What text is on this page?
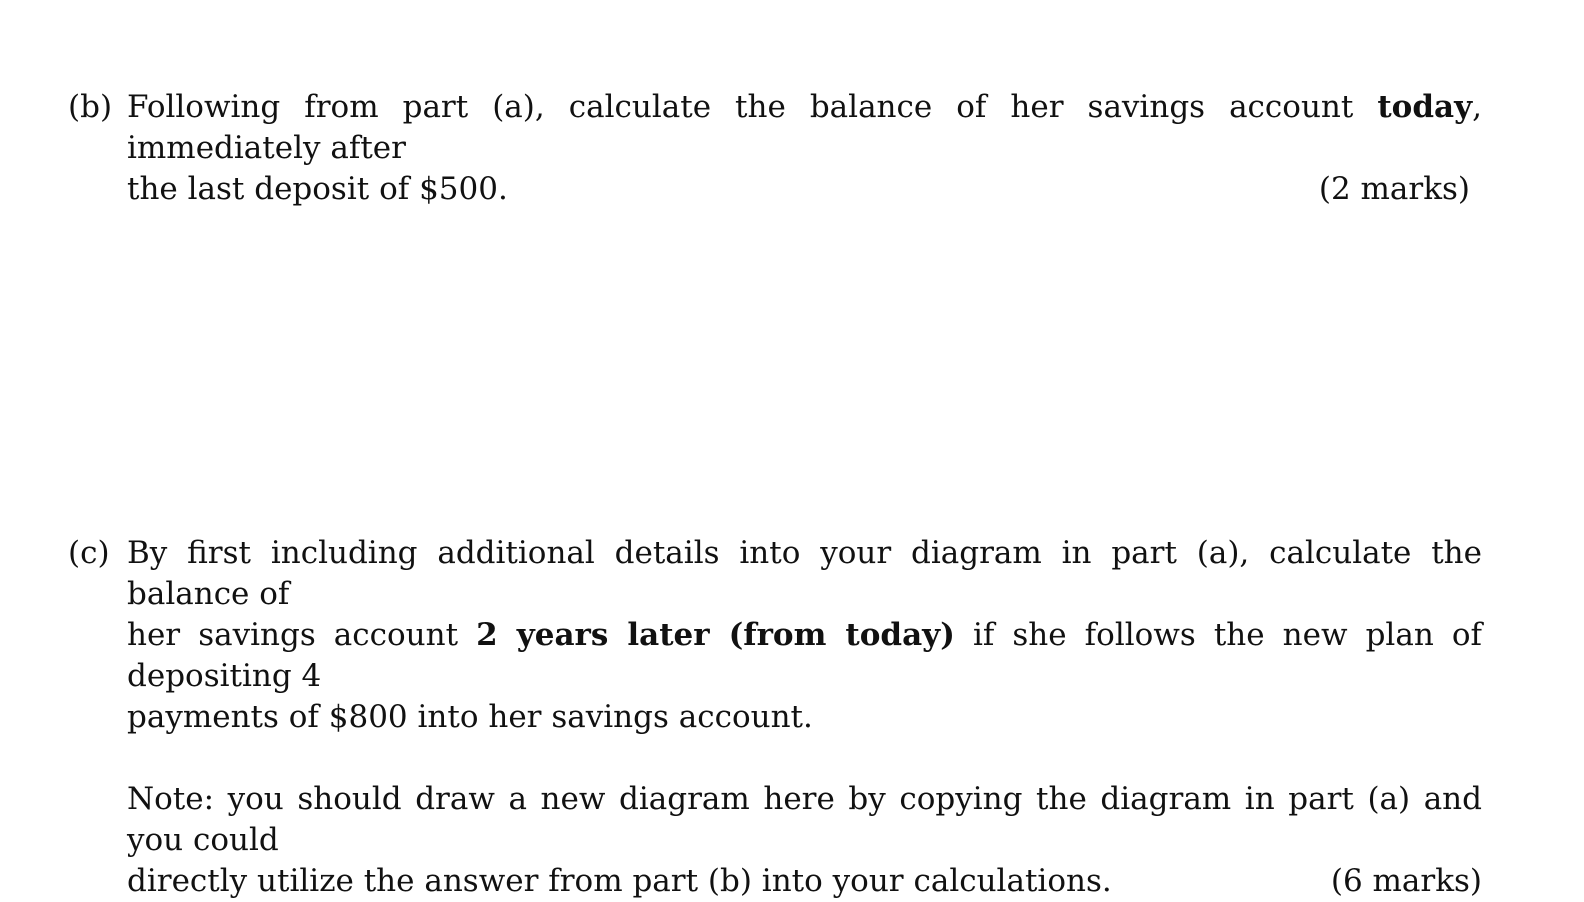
(b) Following from part (a), calculate the balance of her savings account today, immediately after
the last deposit of $500.	(2 marks)
(c) By first including additional details into your diagram in part (a), calculate the balance of
her savings account 2 years later (from today) if she follows the new plan of depositing 4
payments of $800 into her savings account.
Note: you should draw a new diagram here by copying the diagram in part (a) and you could
directly utilize the answer from part (b) into your calculations.	(6 marks)
